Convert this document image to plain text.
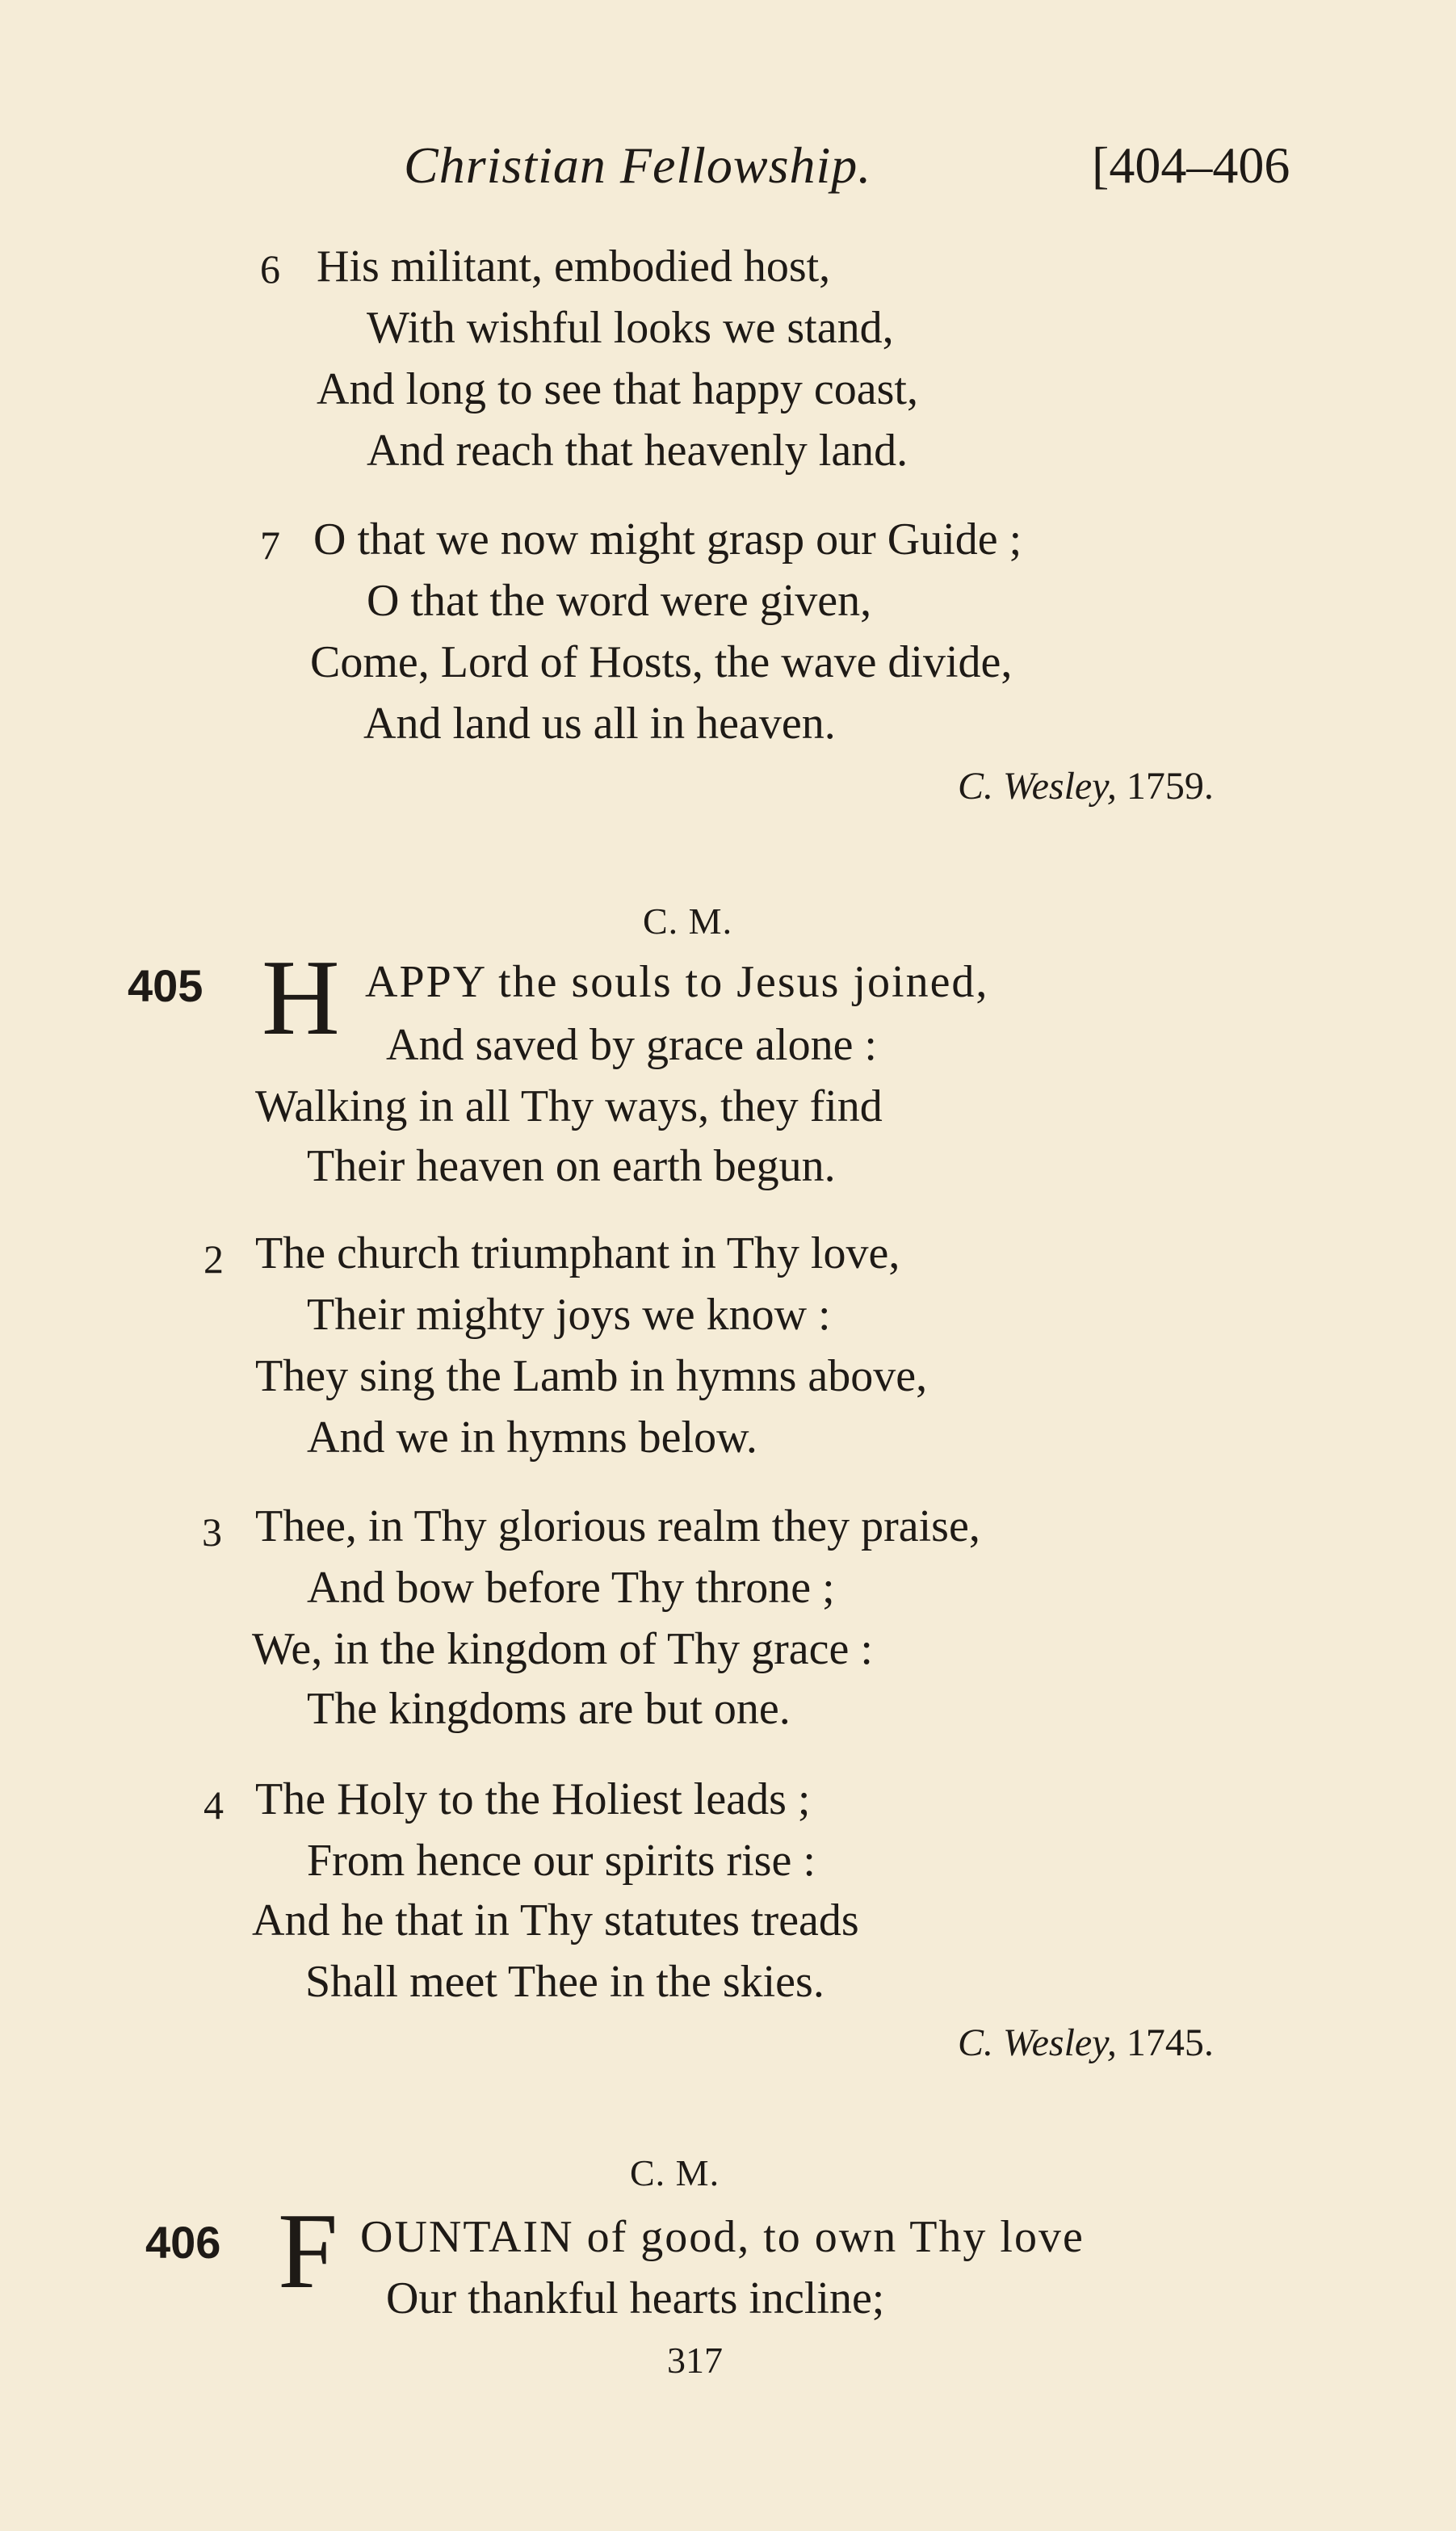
Christian Fellowship.	[404–406
6 His militant, embodied host,
With wishful looks we stand,
And long to see that happy coast,
And reach that heavenly land.
7 O that we now might grasp our Guide ;
O that the word were given,
Come, Lord of Hosts, the wave divide,
And land us all in heaven.
C. Wesley, 1759.
C. M.
405 H APPY the souls to Jesus joined,
And saved by grace alone :
Walking in all Thy ways, they find
Their heaven on earth begun.
2 The church triumphant in Thy love,
Their mighty joys we know :
They sing the Lamb in hymns above,
And we in hymns below.
3 Thee, in Thy glorious realm they praise,
And bow before Thy throne ;
We, in the kingdom of Thy grace :
The kingdoms are but one.
4 The Holy to the Holiest leads ;
From hence our spirits rise :
And he that in Thy statutes treads
Shall meet Thee in the skies.
C. Wesley, 1745.
C. M.
406 F OUNTAIN of good, to own Thy love
Our thankful hearts incline;
317
